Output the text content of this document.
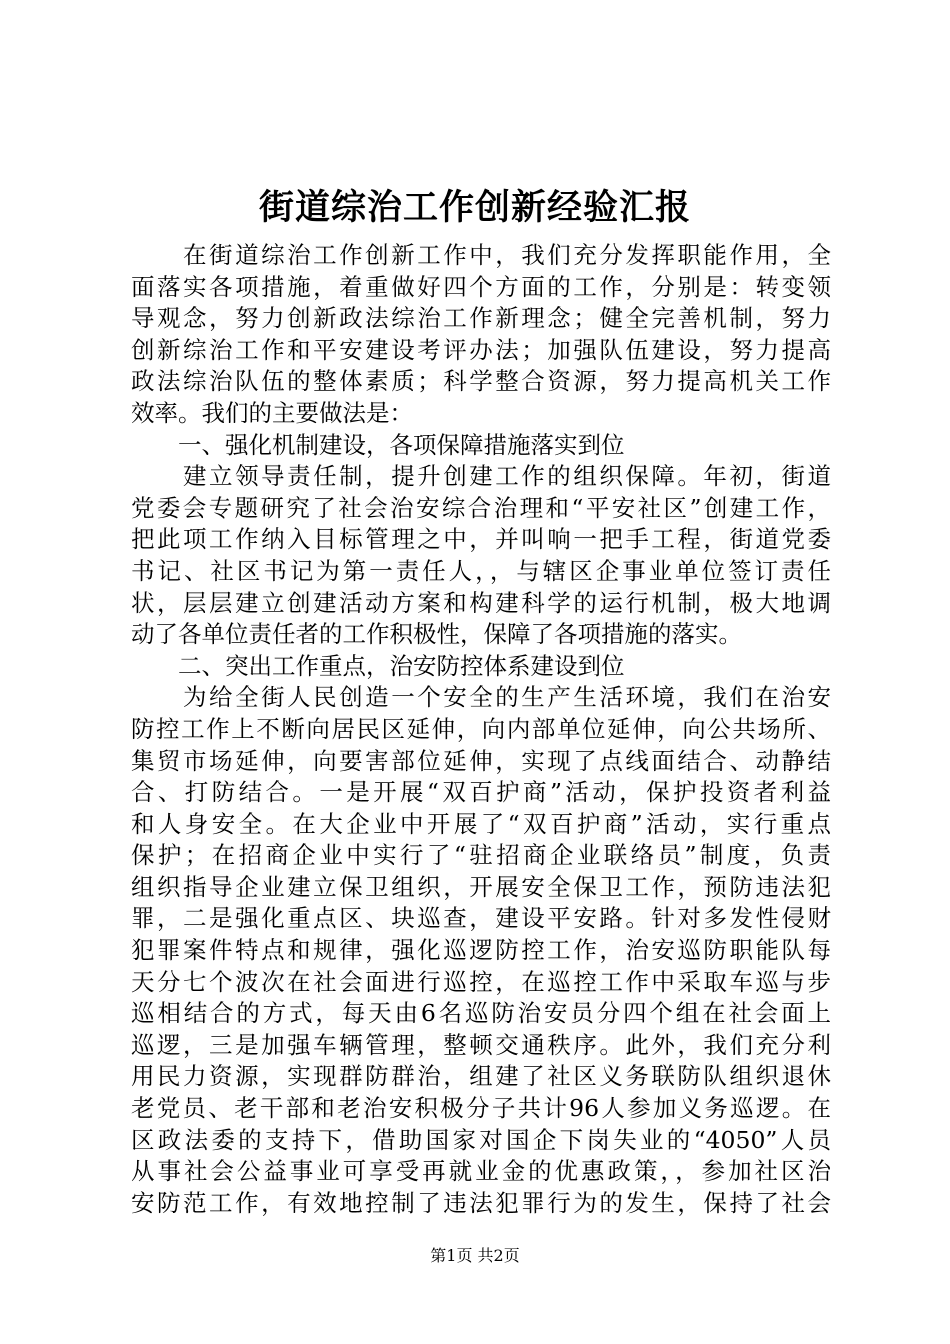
街道综治工作创新经验汇报
　　在街道综治工作创新工作中，我们充分发挥职能作用，全
面落实各项措施，着重做好四个方面的工作，分别是：转变领
导观念，努力创新政法综治工作新理念；健全完善机制，努力
创新综治工作和平安建设考评办法；加强队伍建设，努力提高
政法综治队伍的整体素质；科学整合资源，努力提高机关工作
效率。我们的主要做法是：
　　一、强化机制建设，各项保障措施落实到位
　　建立领导责任制，提升创建工作的组织保障。年初，街道
党委会专题研究了社会治安综合治理和“平安社区”创建工作，
把此项工作纳入目标管理之中，并叫响一把手工程，街道党委
书记、社区书记为第一责任人，，与辖区企事业单位签订责任
状，层层建立创建活动方案和构建科学的运行机制，极大地调
动了各单位责任者的工作积极性，保障了各项措施的落实。
　　二、突出工作重点，治安防控体系建设到位
　　为给全街人民创造一个安全的生产生活环境，我们在治安
防控工作上不断向居民区延伸，向内部单位延伸，向公共场所、
集贸市场延伸，向要害部位延伸，实现了点线面结合、动静结
合、打防结合。一是开展“双百护商”活动，保护投资者利益
和人身安全。在大企业中开展了“双百护商”活动，实行重点
保护；在招商企业中实行了“驻招商企业联络员”制度，负责
组织指导企业建立保卫组织，开展安全保卫工作，预防违法犯
罪，二是强化重点区、块巡查，建设平安路。针对多发性侵财
犯罪案件特点和规律，强化巡逻防控工作，治安巡防职能队每
天分七个波次在社会面进行巡控，在巡控工作中采取车巡与步
巡相结合的方式，每天由6名巡防治安员分四个组在社会面上
巡逻，三是加强车辆管理，整顿交通秩序。此外，我们充分利
用民力资源，实现群防群治，组建了社区义务联防队组织退休
老党员、老干部和老治安积极分子共计96人参加义务巡逻。在
区政法委的支持下，借助国家对国企下岗失业的“4050”人员
从事社会公益事业可享受再就业金的优惠政策，，参加社区治
安防范工作，有效地控制了违法犯罪行为的发生，保持了社会
第1页 共2页
